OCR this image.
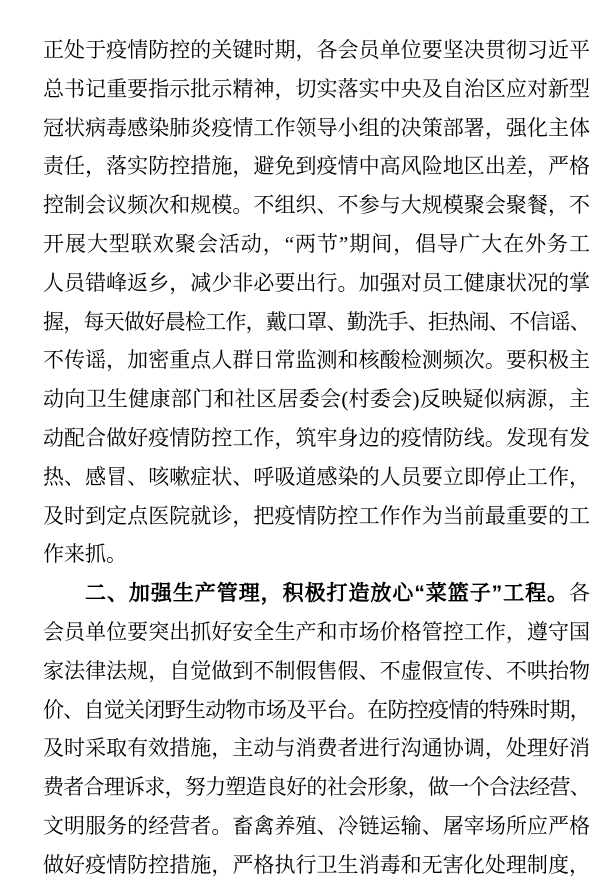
正处于疫情防控的关键时期，各会员单位要坚决贯彻习近平
总书记重要指示批示精神，切实落实中央及自治区应对新型
冠状病毒感染肺炎疫情工作领导小组的决策部署，强化主体
责任，落实防控措施，避免到疫情中高风险地区出差，严格
控制会议频次和规模。不组织、不参与大规模聚会聚餐，不
开展大型联欢聚会活动，“两节”期间，倡导广大在外务工
人员错峰返乡，减少非必要出行。加强对员工健康状况的掌
握，每天做好晨检工作，戴口罩、勤洗手、拒热闹、不信谣、
不传谣，加密重点人群日常监测和核酸检测频次。要积极主
动向卫生健康部门和社区居委会(村委会)反映疑似病源，主
动配合做好疫情防控工作，筑牢身边的疫情防线。发现有发
热、感冒、咳嗽症状、呼吸道感染的人员要立即停止工作，
及时到定点医院就诊，把疫情防控工作作为当前最重要的工
作来抓。
二、加强生产管理，积极打造放心“菜篮子”工程。各
会员单位要突出抓好安全生产和市场价格管控工作，遵守国
家法律法规，自觉做到不制假售假、不虚假宣传、不哄抬物
价、自觉关闭野生动物市场及平台。在防控疫情的特殊时期，
及时采取有效措施，主动与消费者进行沟通协调，处理好消
费者合理诉求，努力塑造良好的社会形象，做一个合法经营、
文明服务的经营者。畜禽养殖、冷链运输、屠宰场所应严格
做好疫情防控措施，严格执行卫生消毒和无害化处理制度，
